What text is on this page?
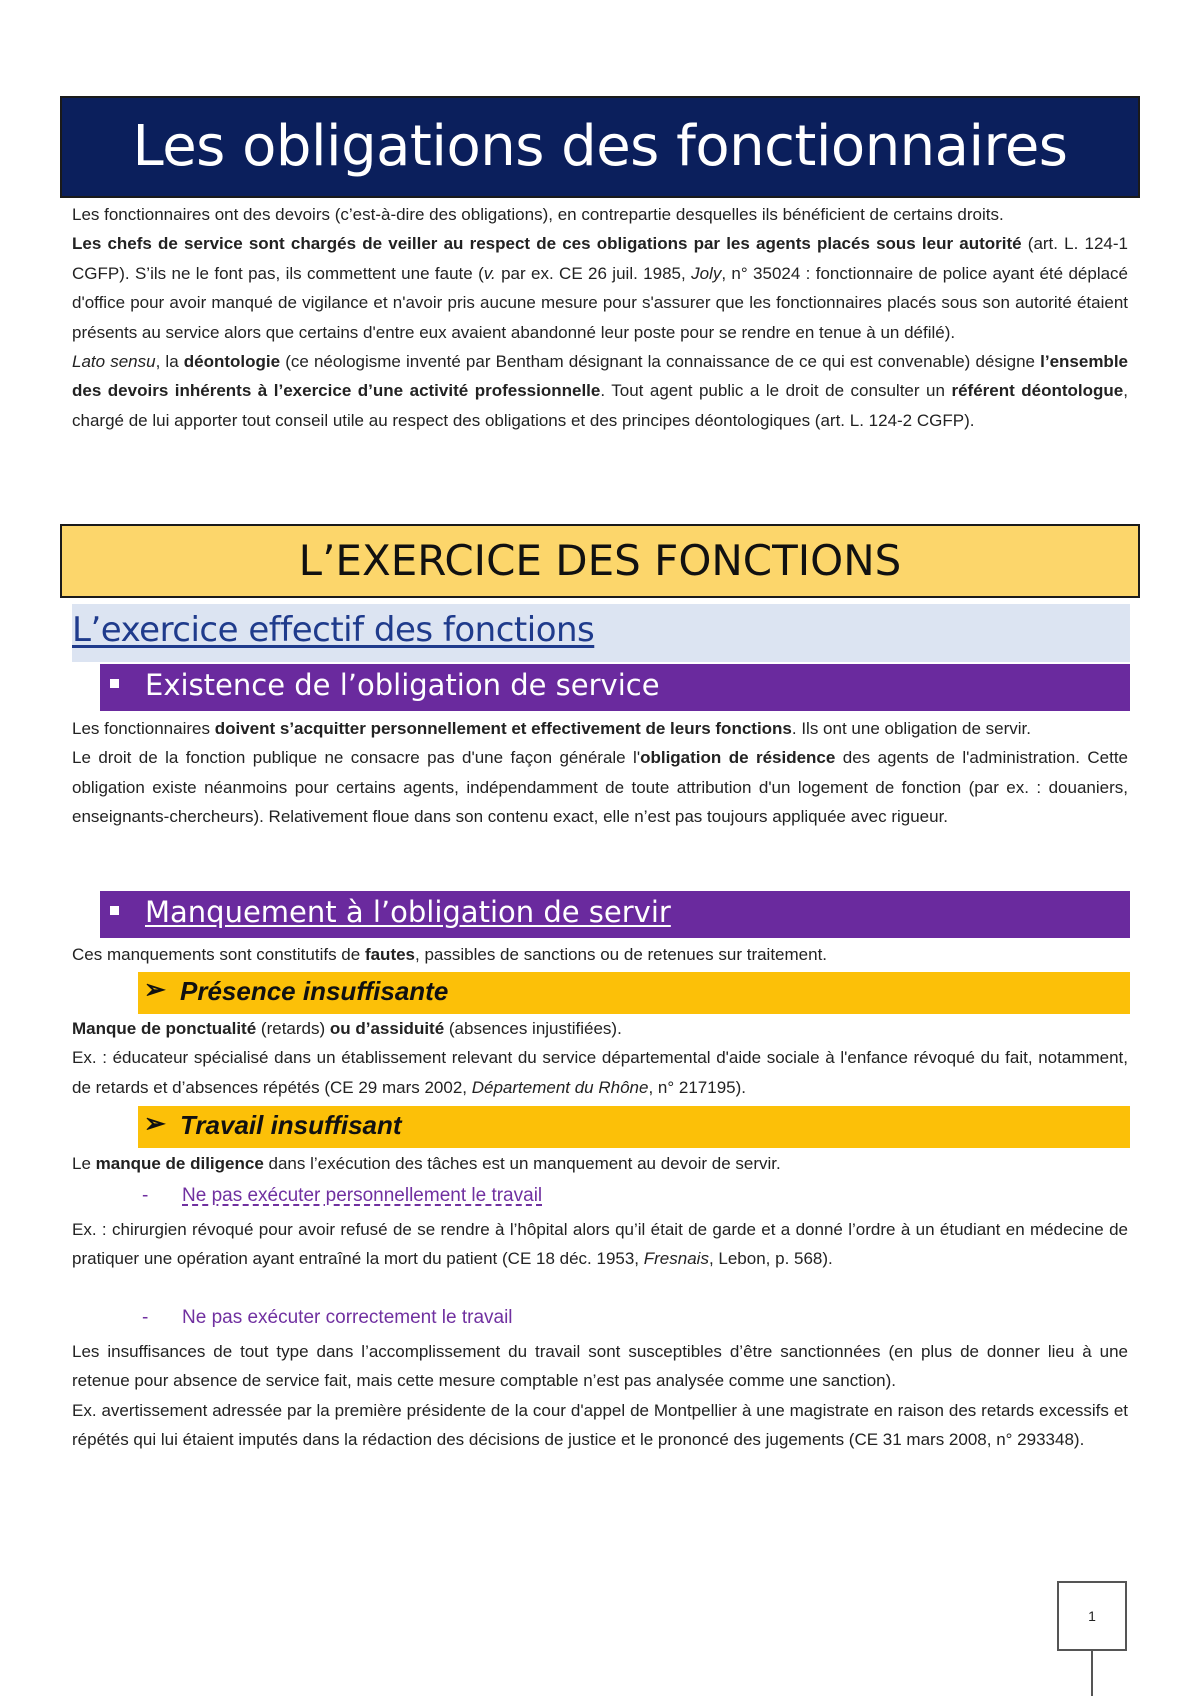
Les obligations des fonctionnaires

Les fonctionnaires ont des devoirs (c’est-à-dire des obligations), en contrepartie desquelles ils bénéficient de certains droits.

Les chefs de service sont chargés de veiller au respect de ces obligations par les agents placés sous leur autorité (art. L. 124-1 CGFP). S’ils ne le font pas, ils commettent une faute (v. par ex. CE 26 juil. 1985, Joly, n° 35024 : fonctionnaire de police ayant été déplacé d'office pour avoir manqué de vigilance et n'avoir pris aucune mesure pour s'assurer que les fonctionnaires placés sous son autorité étaient présents au service alors que certains d'entre eux avaient abandonné leur poste pour se rendre en tenue à un défilé).

Lato sensu, la déontologie (ce néologisme inventé par Bentham désignant la connaissance de ce qui est convenable) désigne l’ensemble des devoirs inhérents à l’exercice d’une activité professionnelle. Tout agent public a le droit de consulter un référent déontologue, chargé de lui apporter tout conseil utile au respect des obligations et des principes déontologiques (art. L. 124-2 CGFP).

L’EXERCICE DES FONCTIONS
L’exercice effectif des fonctions
Existence de l’obligation de service

Les fonctionnaires doivent s’acquitter personnellement et effectivement de leurs fonctions. Ils ont une obligation de servir.

Le droit de la fonction publique ne consacre pas d'une façon générale l'obligation de résidence des agents de l'administration. Cette obligation existe néanmoins pour certains agents, indépendamment de toute attribution d'un logement de fonction (par ex. : douaniers, enseignants-chercheurs). Relativement floue dans son contenu exact, elle n’est pas toujours appliquée avec rigueur.

Manquement à l’obligation de servir

Ces manquements sont constitutifs de fautes, passibles de sanctions ou de retenues sur traitement.

➢ Présence insuffisante

Manque de ponctualité (retards) ou d’assiduité (absences injustifiées).

Ex. : éducateur spécialisé dans un établissement relevant du service départemental d'aide sociale à l'enfance révoqué du fait, notamment, de retards et d’absences répétés (CE 29 mars 2002, Département du Rhône, n° 217195).

➢ Travail insuffisant

Le manque de diligence dans l’exécution des tâches est un manquement au devoir de servir.

- Ne pas exécuter personnellement le travail

Ex. : chirurgien révoqué pour avoir refusé de se rendre à l’hôpital alors qu’il était de garde et a donné l’ordre à un étudiant en médecine de pratiquer une opération ayant entraîné la mort du patient (CE 18 déc. 1953, Fresnais, Lebon, p. 568).

- Ne pas exécuter correctement le travail

Les insuffisances de tout type dans l’accomplissement du travail sont susceptibles d’être sanctionnées (en plus de donner lieu à une retenue pour absence de service fait, mais cette mesure comptable n’est pas analysée comme une sanction).

Ex. avertissement adressée par la première présidente de la cour d'appel de Montpellier à une magistrate en raison des retards excessifs et répétés qui lui étaient imputés dans la rédaction des décisions de justice et le prononcé des jugements (CE 31 mars 2008, n° 293348).

1
